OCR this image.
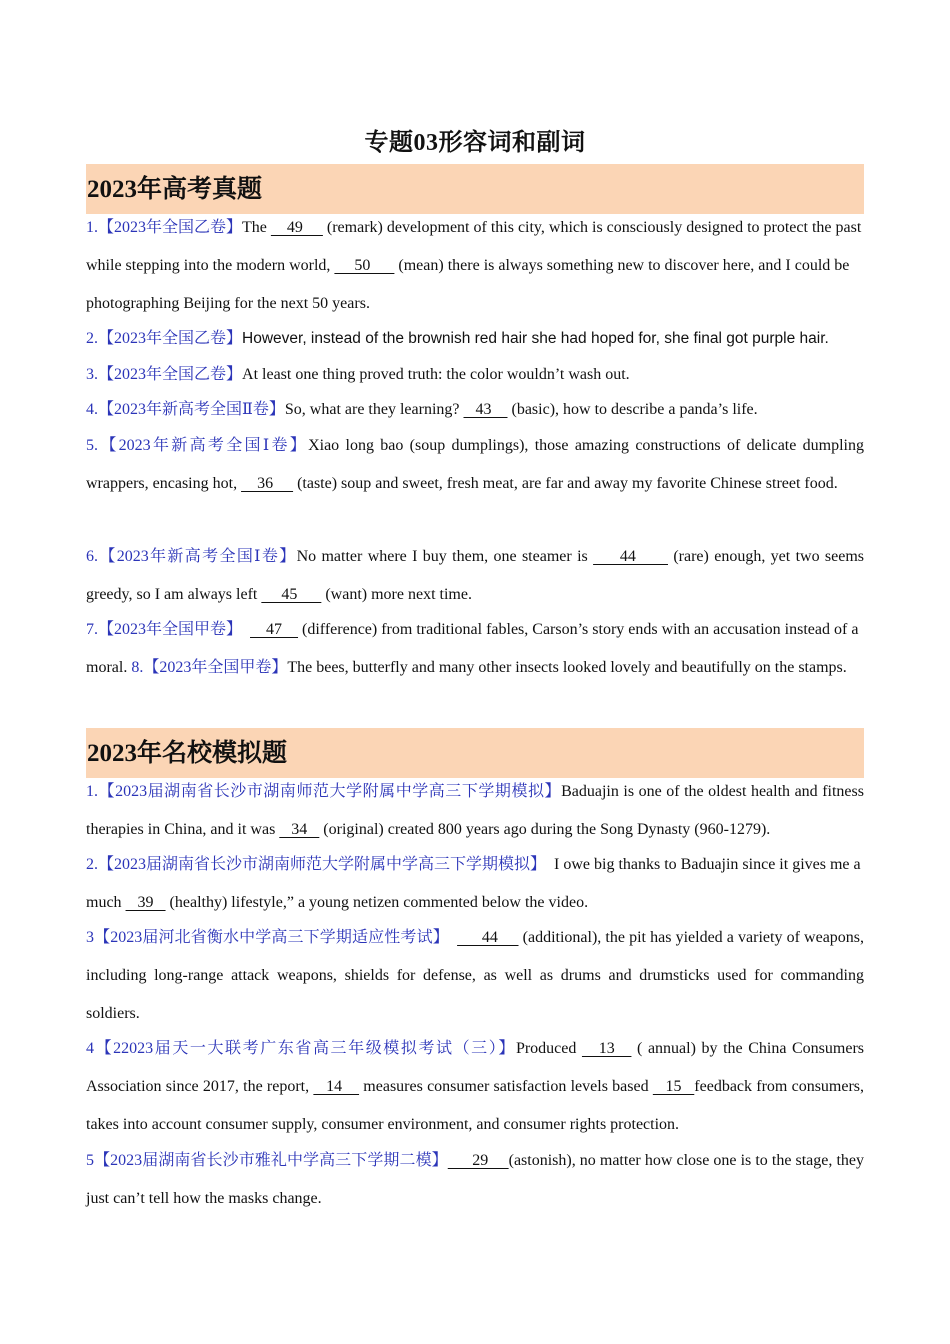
专题03形容词和副词
2023年高考真题
1.【2023年全国乙卷】The     49      (remark) development of this city, which is consciously designed to protect the past while stepping into the modern world,      50       (mean) there is always something new to discover here, and I could be photographing Beijing for the next 50 years.
2.【2023年全国乙卷】However, instead of the brownish red hair she had hoped for, she final got purple hair.
3.【2023年全国乙卷】At least one thing proved truth: the color wouldn’t wash out.
4.【2023年新高考全国Ⅱ卷】So, what are they learning?    43     (basic), how to describe a panda’s life.
5.【2023年新高考全国Ⅰ卷】Xiao long bao (soup dumplings), those amazing constructions of delicate dumpling wrappers, encasing hot,     36      (taste) soup and sweet, fresh meat, are far and away my favorite Chinese street food.
6.【2023年新高考全国Ⅰ卷】No matter where I buy them, one steamer is      44       (rare) enough, yet two seems greedy, so I am always left      45       (want) more next time.
7.【2023年全国甲卷】      47     (difference) from traditional fables, Carson’s story ends with an accusation instead of a moral. 8.【2023年全国甲卷】The bees, butterfly and many other insects looked lovely and beautifully on the stamps.
2023年名校模拟题
1.【2023届湖南省长沙市湖南师范大学附属中学高三下学期模拟】Baduajin is one of the oldest health and fitness therapies in China, and it was    34    (original) created 800 years ago during the Song Dynasty (960-1279).
2.【2023届湖南省长沙市湖南师范大学附属中学高三下学期模拟】 I owe big thanks to Baduajin since it gives me a much    39    (healthy) lifestyle,” a young netizen commented below the video.
3【2023届河北省衡水中学高三下学期适应性考试】        44      (additional), the pit has yielded a variety of weapons, including long-range attack weapons, shields for defense, as well as drums and drumsticks used for commanding soldiers.
4【22023届天一大联考广东省高三年级模拟考试（三）】Produced    13    ( annual) by the China Consumers Association since 2017, the report,    14     measures consumer satisfaction levels based    15   feedback from consumers, takes into account consumer supply, consumer environment, and consumer rights protection.
5【2023届湖南省长沙市雅礼中学高三下学期二模】      29     (astonish), no matter how close one is to the stage, they just can’t tell how the masks change.
